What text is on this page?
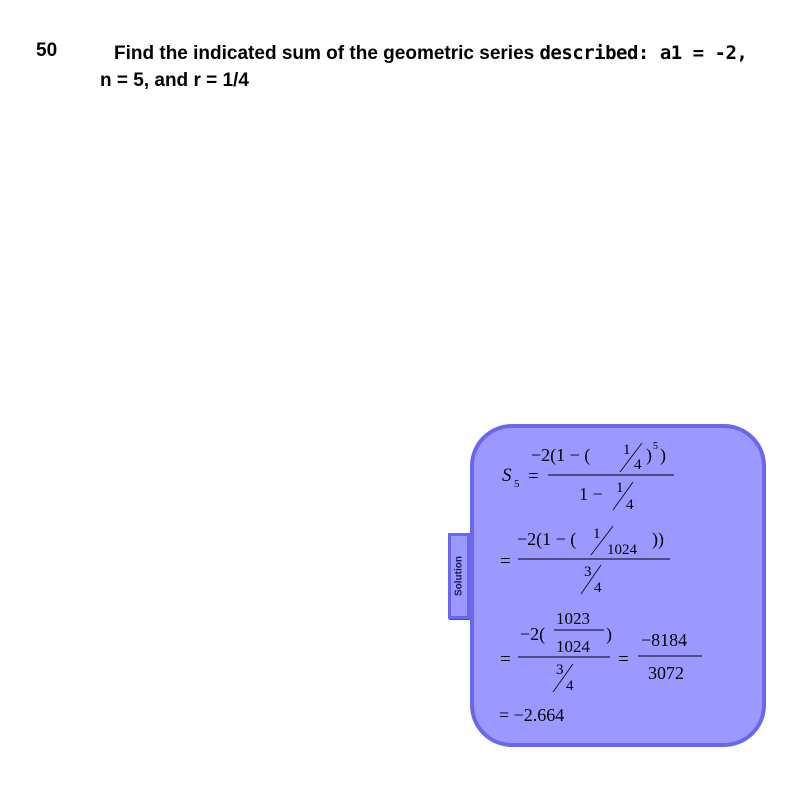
50	Find the indicated sum of the geometric series described: a1 = -2,
n = 5, and r = 1/4
Solution
S 5 =
−2(1 − ( 1
4 ) 5 )
1 − 1
4
=
−2(1 − ( 1
1024
))
3
4
=
−2(
1023
1024
)
3
4
=
−8184
3072
= −2.664
